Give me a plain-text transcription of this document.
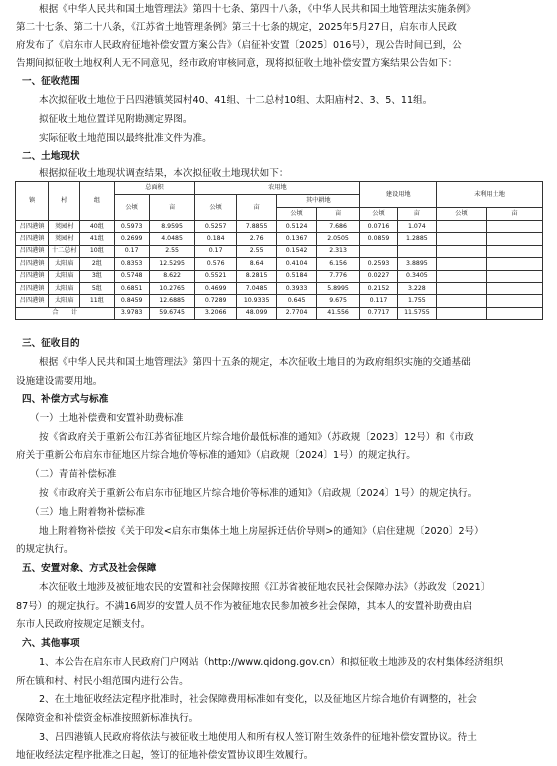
根据《中华人民共和国土地管理法》第四十七条、第四十八条，《中华人民共和国土地管理法实施条例》
第二十七条、第二十八条，《江苏省土地管理条例》第三十七条的规定，2025年5月27日，启东市人民政
府发布了《启东市人民政府征地补偿安置方案公告》（启征补安置〔2025〕016号），现公告时间已到，公
告期间拟征收土地权利人无不同意见，经市政府审核同意，现将拟征收土地补偿安置方案结果公告如下：
一、征收范围
本次拟征收土地位于吕四港镇荚园村40、41组、十二总村10组、太阳庙村2、3、5、11组。
拟征收土地位置详见附勘测定界图。
实际征收土地范围以最终批准文件为准。
二、土地现状
根据拟征收土地现状调查结果，本次拟征收土地现状如下：
镇	村	组	总面积		农用地				建设用地		未利用土地	
			公顷	亩	公顷	亩	其中耕地					
							公顷	亩	公顷	亩	公顷	亩
吕四港镇	荚园村	40组	0.5973	8.9595	0.5257	7.8855	0.5124	7.686	0.0716	1.074		
吕四港镇	荚园村	41组	0.2699	4.0485	0.184	2.76	0.1367	2.0505	0.0859	1.2885		
吕四港镇	十二总村	10组	0.17	2.55	0.17	2.55	0.1542	2.313				
吕四港镇	太阳庙	2组	0.8353	12.5295	0.576	8.64	0.4104	6.156	0.2593	3.8895		
吕四港镇	太阳庙	3组	0.5748	8.622	0.5521	8.2815	0.5184	7.776	0.0227	0.3405		
吕四港镇	太阳庙	5组	0.6851	10.2765	0.4699	7.0485	0.3933	5.8995	0.2152	3.228		
吕四港镇	太阳庙	11组	0.8459	12.6885	0.7289	10.9335	0.645	9.675	0.117	1.755		
合　　计			3.9783	59.6745	3.2066	48.099	2.7704	41.556	0.7717	11.5755		
三、征收目的
根据《中华人民共和国土地管理法》第四十五条的规定，本次征收土地目的为政府组织实施的交通基础
设施建设需要用地。
四、补偿方式与标准
（一）土地补偿费和安置补助费标准
按《省政府关于重新公布江苏省征地区片综合地价最低标准的通知》（苏政规〔2023〕12号）和《市政
府关于重新公布启东市征地区片综合地价等标准的通知》（启政规〔2024〕1号）的规定执行。
（二）青苗补偿标准
按《市政府关于重新公布启东市征地区片综合地价等标准的通知》（启政规〔2024〕1号）的规定执行。
（三）地上附着物补偿标准
地上附着物补偿按《关于印发<启东市集体土地上房屋拆迁估价导则>的通知》（启住建规〔2020〕2号）
的规定执行。
五、安置对象、方式及社会保障
本次征收土地涉及被征地农民的安置和社会保障按照《江苏省被征地农民社会保障办法》（苏政发〔2021〕
87号）的规定执行。不满16周岁的安置人员不作为被征地农民参加被乡社会保障，其本人的安置补助费由启
东市人民政府按规定足额支付。
六、其他事项
1、本公告在启东市人民政府门户网站（http://www.qidong.gov.cn）和拟征收土地涉及的农村集体经济组织
所在镇和村、村民小组范围内进行公告。
2、在土地征收经法定程序批准时，社会保障费用标准如有变化，以及征地区片综合地价有调整的，社会
保障资金和补偿资金标准按照新标准执行。
3、吕四港镇人民政府将依法与被征收土地使用人和所有权人签订附生效条件的征地补偿安置协议。待土
地征收经法定程序批准之日起，签订的征地补偿安置协议即生效履行。
